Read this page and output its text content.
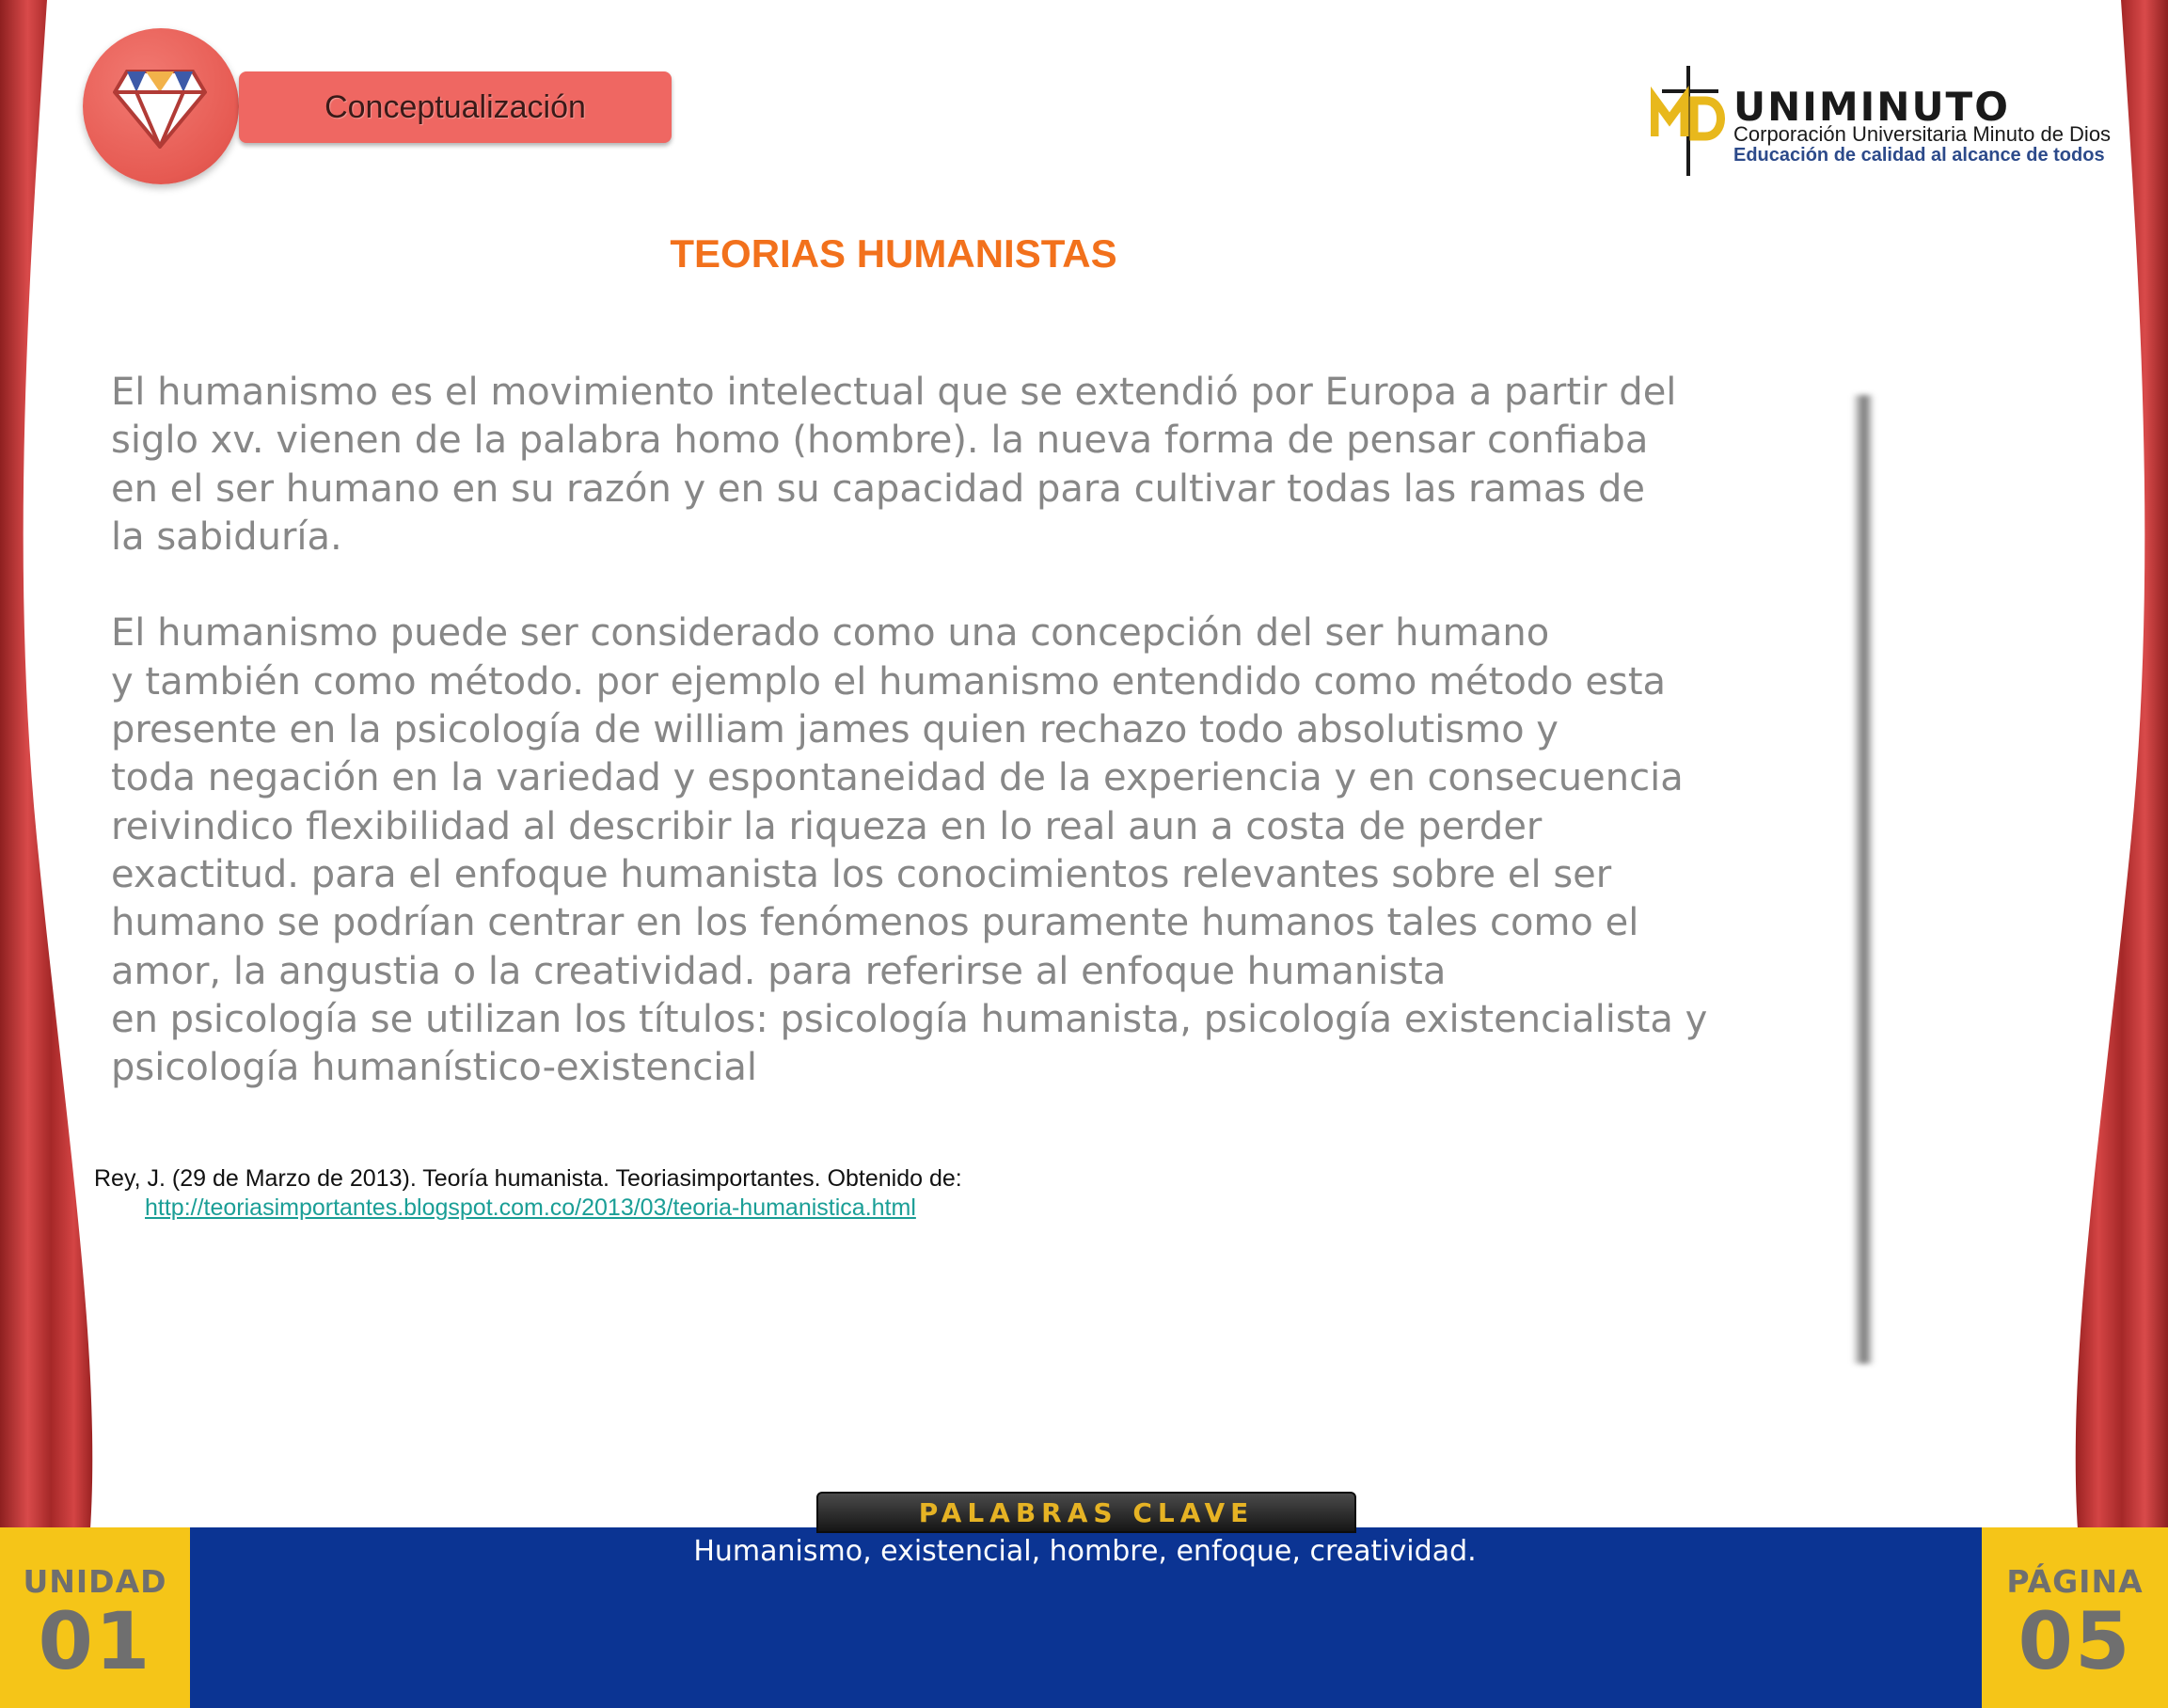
Conceptualización	UNIMINUTO
Corporación Universitaria Minuto de Dios
Educación de calidad al alcance de todos
TEORIAS HUMANISTAS

El humanismo es el movimiento intelectual que se extendió por Europa a partir del
siglo xv. vienen de la palabra homo (hombre). la nueva forma de pensar confiaba
en el ser humano en su razón y en su capacidad para cultivar todas las ramas de
la sabiduría.

El humanismo puede ser considerado como una concepción del ser humano
y también como método. por ejemplo el humanismo entendido como método esta
presente en la psicología de william james quien rechazo todo absolutismo y
toda negación en la variedad y espontaneidad de la experiencia y en consecuencia
reivindico flexibilidad al describir la riqueza en lo real aun a costa de perder
exactitud. para el enfoque humanista los conocimientos relevantes sobre el ser
humano se podrían centrar en los fenómenos puramente humanos tales como el
amor, la angustia o la creatividad. para referirse al enfoque humanista
en psicología se utilizan los títulos: psicología humanista, psicología existencialista y
psicología humanístico-existencial

Rey, J. (29 de Marzo de 2013). Teoría humanista. Teoriasimportantes. Obtenido de:
http://teoriasimportantes.blogspot.com.co/2013/03/teoria-humanistica.html
UNIDAD
01
PÁGINA
05
PALABRAS CLAVE
Humanismo, existencial, hombre, enfoque, creatividad.
